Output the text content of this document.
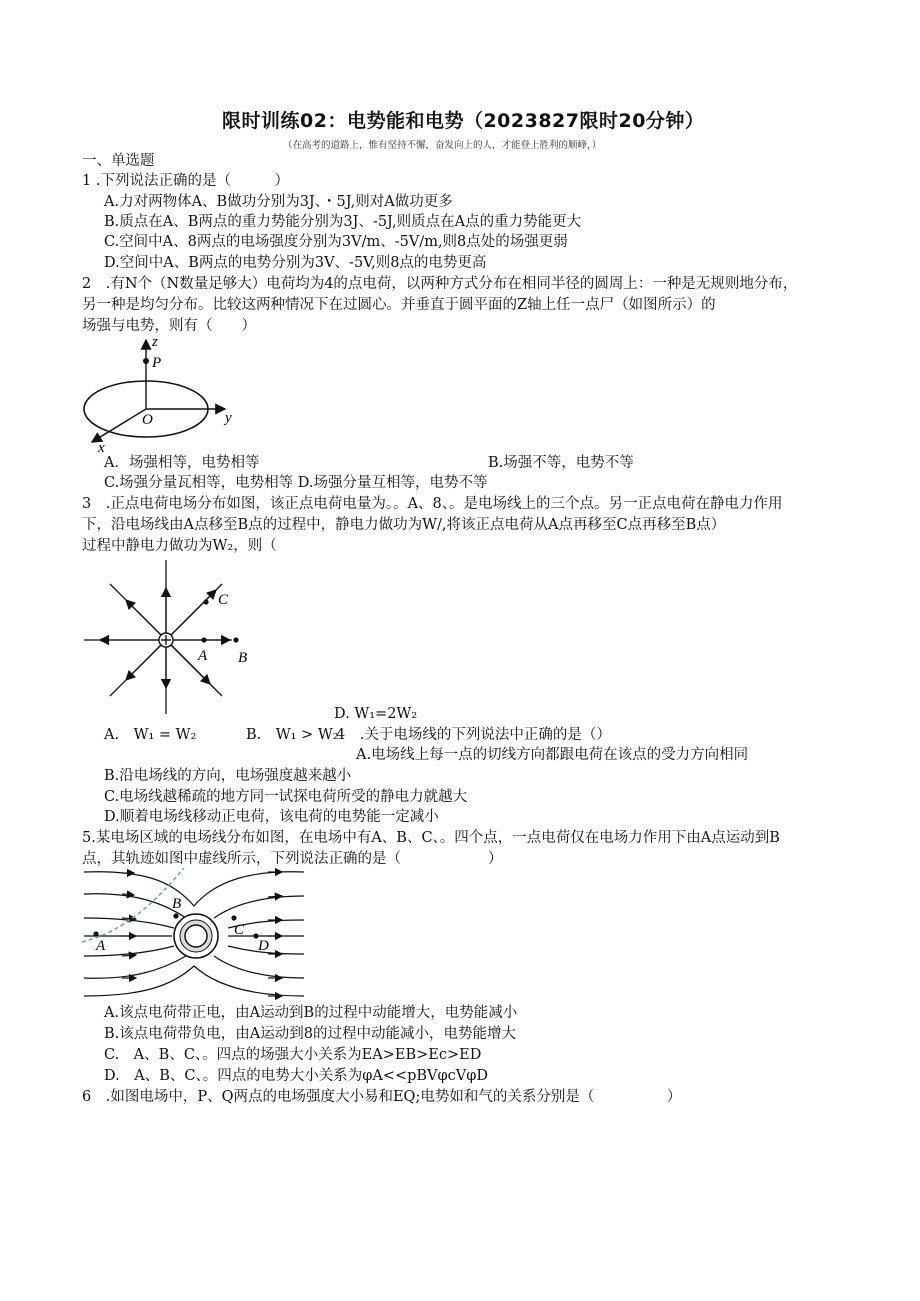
限时训练02：电势能和电势（2023827限时20分钟）
（在高考的道路上，惟有坚持不懈，奋发向上的人，才能登上胜利的顺峰，）
一、单选题
1 .下列说法正确的是（　　　）
A.力对两物体A、B做功分别为3J、・5J,则对A做功更多
B.质点在A、B两点的重力势能分别为3J、-5J,则质点在A点的重力势能更大
C.空间中A、8两点的电场强度分别为3V/m、-5V∕m,则8点处的场强更弱
D.空间中A、B两点的电势分别为3V、-5V,则8点的电势更高
2　.有N个（N数量足够大）电荷均为4的点电荷，以两种方式分布在相同半径的圆周上：一种是无规则地分布，
另一种是均匀分布。比较这两种情况下在过圆心。并垂直于圆平面的Z轴上任一点尸（如图所示）的
场强与电势，则有（　　）
z
P
O	y
x
A．场强相等，电势相等	B.场强不等，电势不等
C.场强分量瓦相等，电势相等 D.场强分量互相等，电势不等
3　.正点电荷电场分布如图，该正点电荷电量为。。A、8、。是电场线上的三个点。另一正点电荷在静电力作用
下，沿电场线由A点移至B点的过程中，静电力做功为W/,将该正点电荷从A点再移至C点再移至B点）
过程中静电力做功为W₂，则（
C
A B
D. W₁=2W₂
A.　W₁ = W₂	B.　W₁ > W₂
4　.关于电场线的下列说法中正确的是（）
A.电场线上每一点的切线方向都跟电荷在该点的受力方向相同
B.沿电场线的方向，电场强度越来越小
C.电场线越稀疏的地方同一试探电荷所受的静电力就越大
D.顺着电场线移动正电荷，该电荷的电势能一定减小
5.某电场区域的电场线分布如图，在电场中有A、B、C、。四个点，一点电荷仅在电场力作用下由A点运动到B
点，其轨迹如图中虚线所示，下列说法正确的是（　　　　　　）
A
B
C
D
A.该点电荷带正电，由A运动到B的过程中动能增大，电势能减小
B.该点电荷带负电，由A运动到8的过程中动能减小，电势能增大
C.　A、B、C、。四点的场强大小关系为EA>EB>Ec>ED
D.　A、B、C、。四点的电势大小关系为φA<<pBVφcVφD
6　.如图电场中，P、Q两点的电场强度大小易和EQ;电势如和气的关系分别是（　　　　　）
